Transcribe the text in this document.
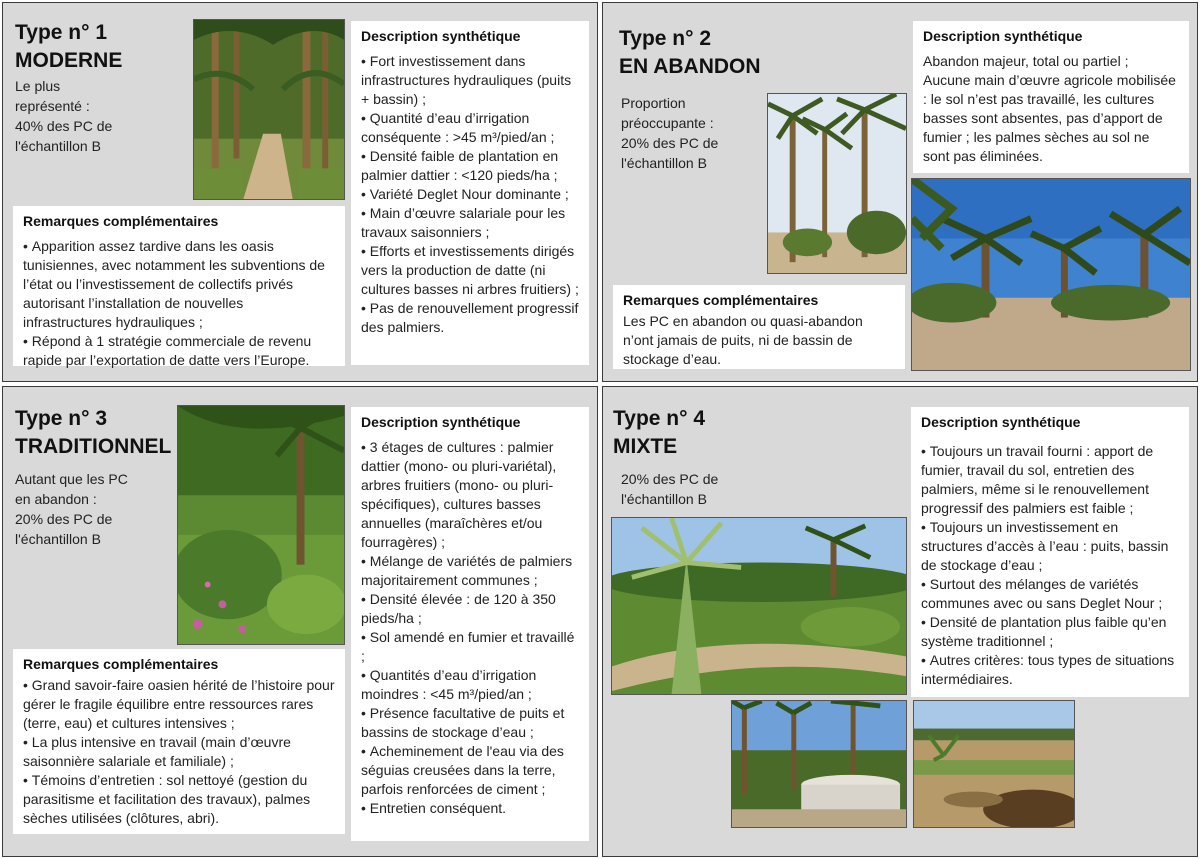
Type n° 1
MODERNE
Le plus
représenté :
40% des PC de
l'échantillon B
Description synthétique
• Fort investissement dans infrastructures hydrauliques (puits + bassin) ;
• Quantité d’eau d’irrigation conséquente : >45 m³/pied/an ;
• Densité faible de plantation en palmier dattier : <120 pieds/ha ;
• Variété Deglet Nour dominante ;
• Main d’œuvre salariale pour les travaux saisonniers ;
• Efforts et investissements dirigés vers la production de datte (ni cultures basses ni arbres fruitiers) ;
• Pas de renouvellement progressif des palmiers.
Remarques complémentaires
• Apparition assez tardive dans les oasis tunisiennes, avec notamment les subventions de l’état ou l’investissement de collectifs privés autorisant l’installation de nouvelles infrastructures hydrauliques ;
• Répond à 1 stratégie commerciale de revenu rapide par l’exportation de datte vers l’Europe.
Type n° 2
EN ABANDON
Proportion
préoccupante :
20% des PC de
l'échantillon B
Description synthétique

Abandon majeur, total ou partiel ; Aucune main d’œuvre agricole mobilisée : le sol n’est pas travaillé, les cultures basses sont absentes, pas d’apport de fumier ; les palmes sèches au sol ne sont pas éliminées.

Remarques complémentaires

Les PC en abandon ou quasi-abandon n’ont jamais de puits, ni de bassin de stockage d’eau.

Type n° 3
TRADITIONNEL
Autant que les PC
en abandon :
20% des PC de
l'échantillon B
Description synthétique
• 3 étages de cultures : palmier dattier (mono- ou pluri-variétal), arbres fruitiers (mono- ou pluri-spécifiques), cultures basses annuelles (maraîchères et/ou fourragères) ;
• Mélange de variétés de palmiers majoritairement communes ;
• Densité élevée : de 120 à 350 pieds/ha ;
• Sol amendé en fumier et travaillé ;
• Quantités d’eau d’irrigation moindres : <45 m³/pied/an ;
• Présence facultative de puits et bassins de stockage d’eau ;
• Acheminement de l'eau via des séguias creusées dans la terre, parfois renforcées de ciment ;
• Entretien conséquent.
Remarques complémentaires
• Grand savoir-faire oasien hérité de l’histoire pour gérer le fragile équilibre entre ressources rares (terre, eau) et cultures intensives ;
• La plus intensive en travail (main d’œuvre saisonnière salariale et familiale) ;
• Témoins d’entretien : sol nettoyé (gestion du parasitisme et facilitation des travaux), palmes sèches utilisées (clôtures, abri).
Type n° 4
MIXTE
20% des PC de
l'échantillon B
Description synthétique
• Toujours un travail fourni : apport de fumier, travail du sol, entretien des palmiers, même si le renouvellement progressif des palmiers est faible ;
• Toujours un investissement en structures d’accès à l’eau : puits, bassin de stockage d’eau ;
• Surtout des mélanges de variétés communes avec ou sans Deglet Nour ;
• Densité de plantation plus faible qu’en système traditionnel ;
• Autres critères: tous types de situations intermédiaires.
